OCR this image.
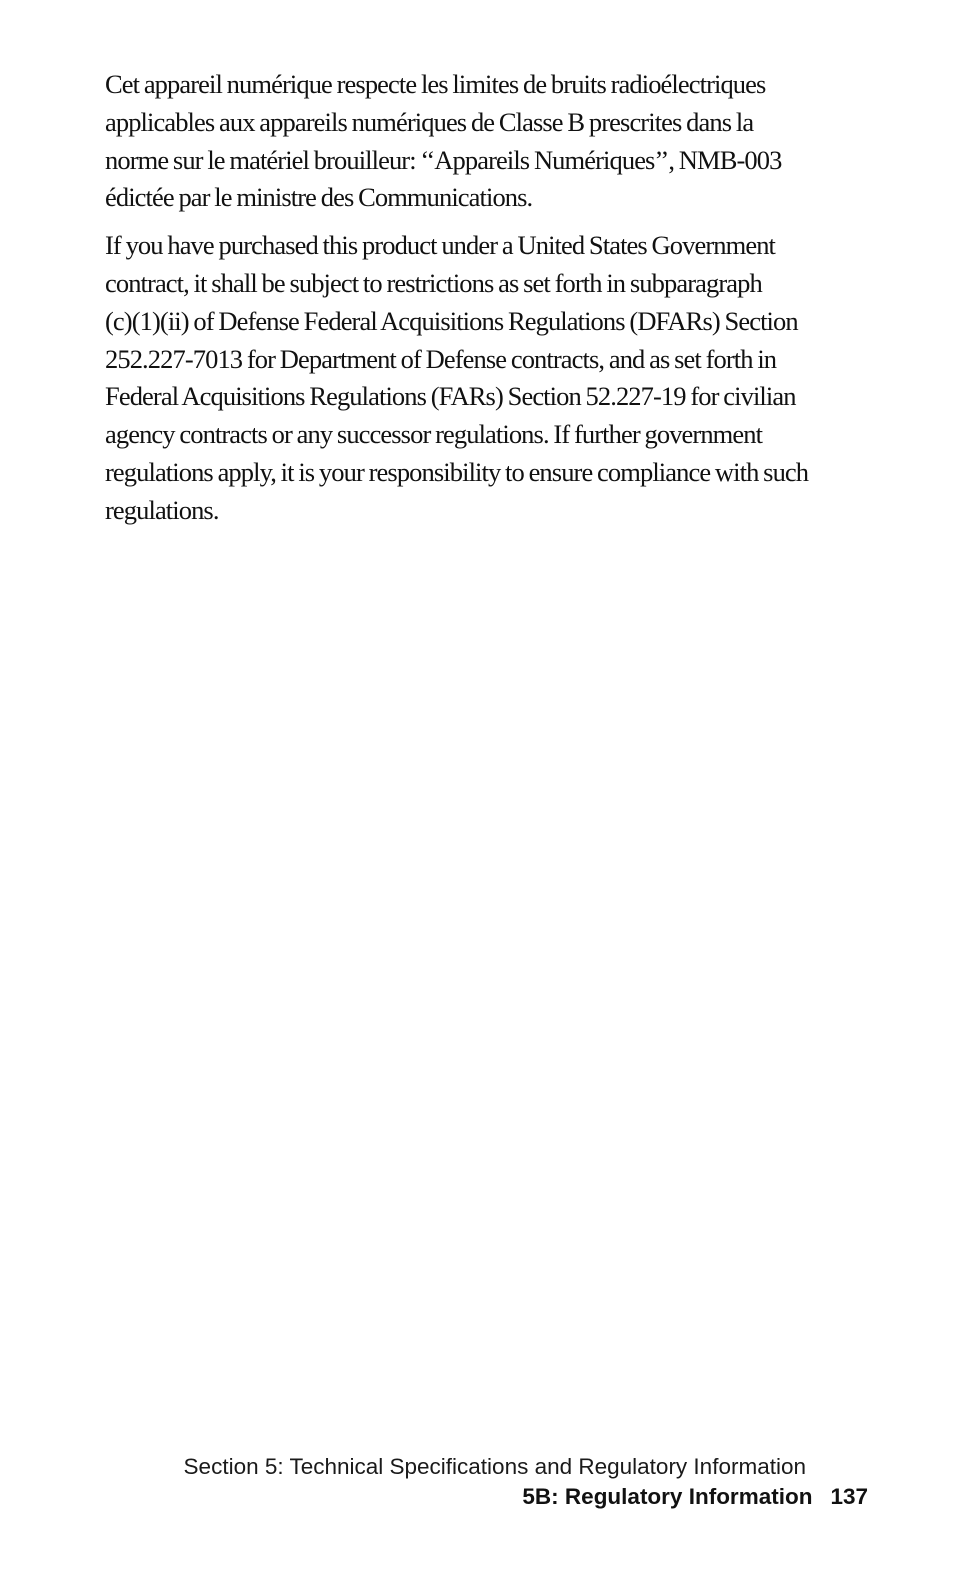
Cet appareil numérique respecte les limites de bruits radioélectriques
applicables aux appareils numériques de Classe B prescrites dans la
norme sur le matériel brouilleur: ‘‘Appareils Numériques’’, NMB-003
édictée par le ministre des Communications.

If you have purchased this product under a United States Government
contract, it shall be subject to restrictions as set forth in subparagraph
(c)(1)(ii) of Defense Federal Acquisitions Regulations (DFARs) Section
252.227-7013 for Department of Defense contracts, and as set forth in
Federal Acquisitions Regulations (FARs) Section 52.227-19 for civilian
agency contracts or any successor regulations. If further government
regulations apply, it is your responsibility to ensure compliance with such
regulations.

Section 5: Technical Specifications and Regulatory Information
5B: Regulatory Information 137
